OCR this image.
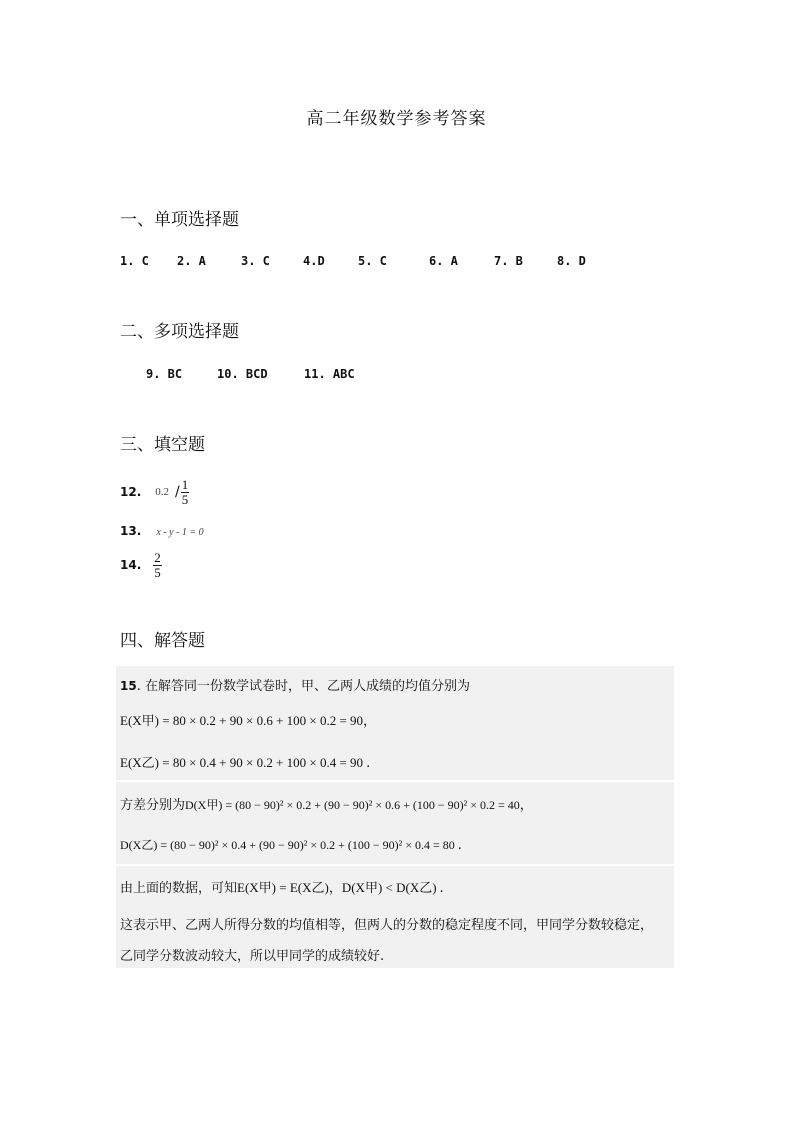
高二年级数学参考答案
一、单项选择题
1. C 2. A	3. C	4.D	5. C	6. A	7. B	8. D
二、多项选择题
9. BC	10. BCD	11. ABC
三、填空题
12. $0.2 / \frac{1}{5}$
13. x - y - 1 = 0
14. $\frac{2}{5}$
四、解答题
15. 在解答同一份数学试卷时，甲、乙两人成绩的均值分别为
E(X甲) = 80 × 0.2 + 90 × 0.6 + 100 × 0.2 = 90，
E(X乙) = 80 × 0.4 + 90 × 0.2 + 100 × 0.4 = 90 .
方差分别为D(X甲) = (80 − 90)² × 0.2 + (90 − 90)² × 0.6 + (100 − 90)² × 0.2 = 40，
D(X乙) = (80 − 90)² × 0.4 + (90 − 90)² × 0.2 + (100 − 90)² × 0.4 = 80 .
由上面的数据，可知E(X甲) = E(X乙)，D(X甲) < D(X乙) .
这表示甲、乙两人所得分数的均值相等，但两人的分数的稳定程度不同，甲同学分数较稳定，
乙同学分数波动较大，所以甲同学的成绩较好.
